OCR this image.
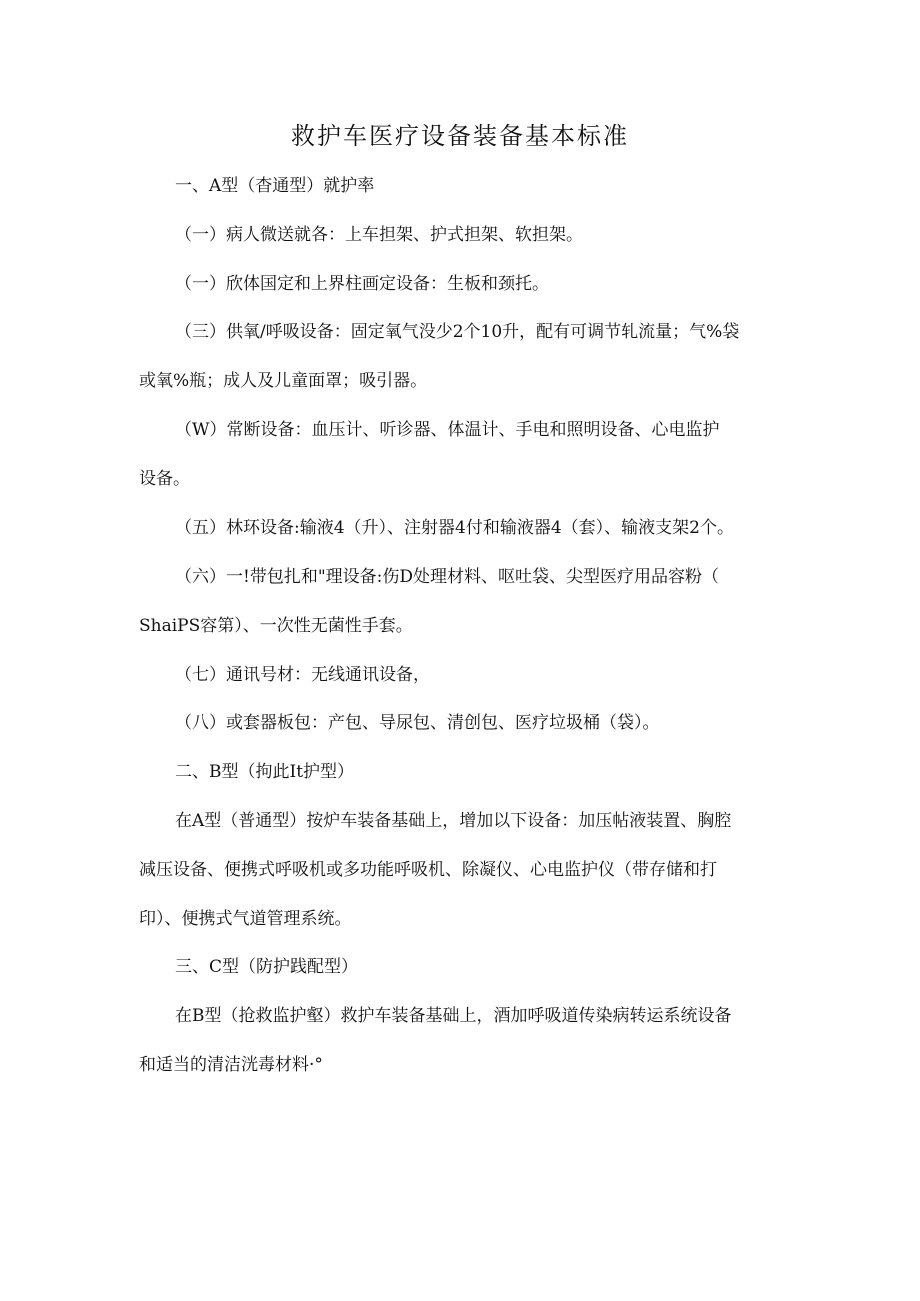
救护车医疗设备装备基本标准
一、A型（杳通型）就护率
（一）病人微送就各：上车担架、护式担架、软担架。
（一）欣体国定和上界柱画定设备：生板和颈托。
（三）供氧/呼吸设备：固定氧气没少2个10升，配有可调节轧流量；气%袋
或氧%瓶；成人及儿童面罩；吸引器。
（W）常断设备：血压计、听诊器、体温计、手电和照明设备、心电监护
设备。
（五）林环设备:输液4（升）、注射器4付和输液器4（套）、输液支架2个。
（六）一!带包扎和"理设备:伤D处理材料、呕吐袋、尖型医疗用品容粉（
ShaiPS容第）、一次性无菌性手套。
（七）通讯号材：无线通讯设备，
（八）或套器板包：产包、导尿包、清创包、医疗垃圾桶（袋）。
二、B型（拘此It护型）
在A型（普通型）按炉车装备基础上，增加以下设备：加压帖液装置、胸腔
减压设备、便携式呼吸机或多功能呼吸机、除凝仪、心电监护仪（带存储和打
印）、便携式气道管理系统。
三、C型（防护践配型）
在B型（抢救监护壑）救护车装备基础上，酒加呼吸道传染病转运系统设备
和适当的清洁洸毒材料·°
